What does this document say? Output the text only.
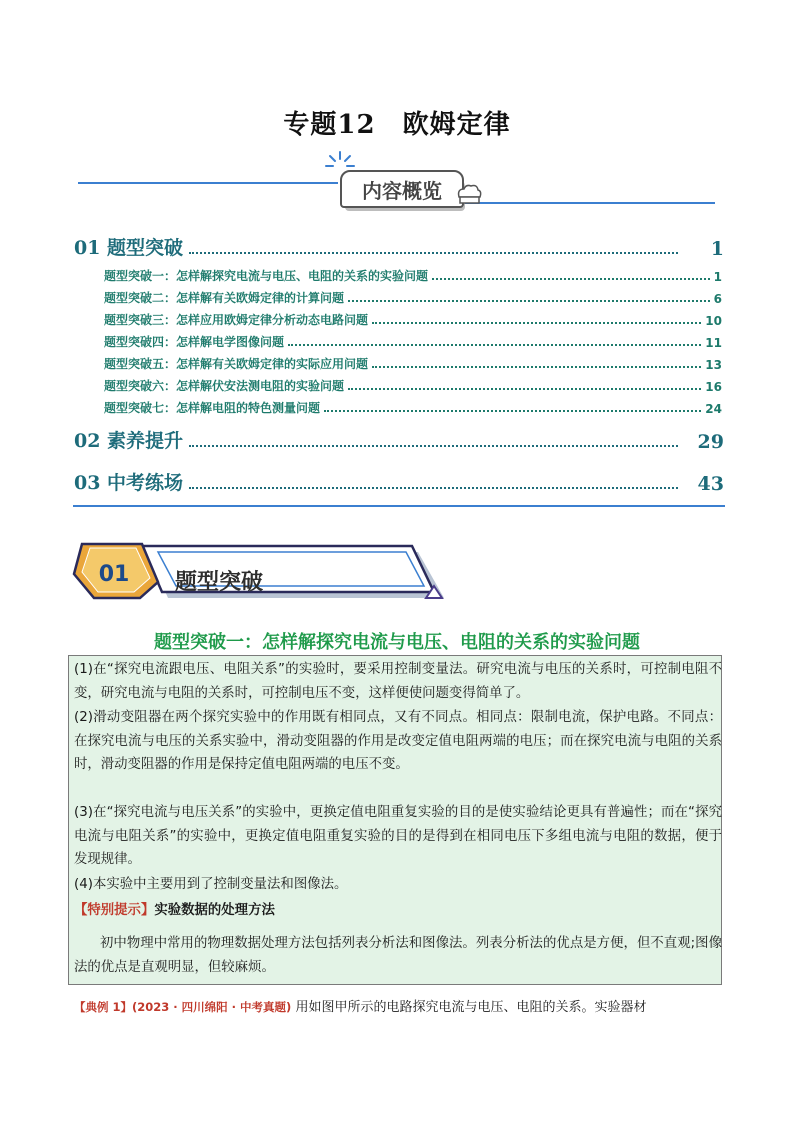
专题12　欧姆定律
内容概览
01 题型突破	1
题型突破一：怎样解探究电流与电压、电阻的关系的实验问题	1
题型突破二：怎样解有关欧姆定律的计算问题	6
题型突破三：怎样应用欧姆定律分析动态电路问题	10
题型突破四：怎样解电学图像问题	11
题型突破五：怎样解有关欧姆定律的实际应用问题	13
题型突破六：怎样解伏安法测电阻的实验问题	16
题型突破七：怎样解电阻的特色测量问题	24
02 素养提升	29
03 中考练场	43
01	题型突破
题型突破一：怎样解探究电流与电压、电阻的关系的实验问题
(1)在“探究电流跟电压、电阻关系”的实验时，要采用控制变量法。研究电流与电压的关系时，可控制电阻不变，研究电流与电阻的关系时，可控制电压不变，这样便使问题变得简单了。
(2)滑动变阻器在两个探究实验中的作用既有相同点，又有不同点。相同点：限制电流，保护电路。不同点：在探究电流与电压的关系实验中，滑动变阻器的作用是改变定值电阻两端的电压；而在探究电流与电阻的关系时，滑动变阻器的作用是保持定值电阻两端的电压不变。
(3)在“探究电流与电压关系”的实验中，更换定值电阻重复实验的目的是使实验结论更具有普遍性；而在“探究电流与电阻关系”的实验中，更换定值电阻重复实验的目的是得到在相同电压下多组电流与电阻的数据，便于发现规律。
(4)本实验中主要用到了控制变量法和图像法。
【特别提示】实验数据的处理方法
初中物理中常用的物理数据处理方法包括列表分析法和图像法。列表分析法的优点是方便，但不直观;图像法的优点是直观明显，但较麻烦。
【典例 1】(2023 · 四川绵阳 · 中考真题) 用如图甲所示的电路探究电流与电压、电阻的关系。实验器材
